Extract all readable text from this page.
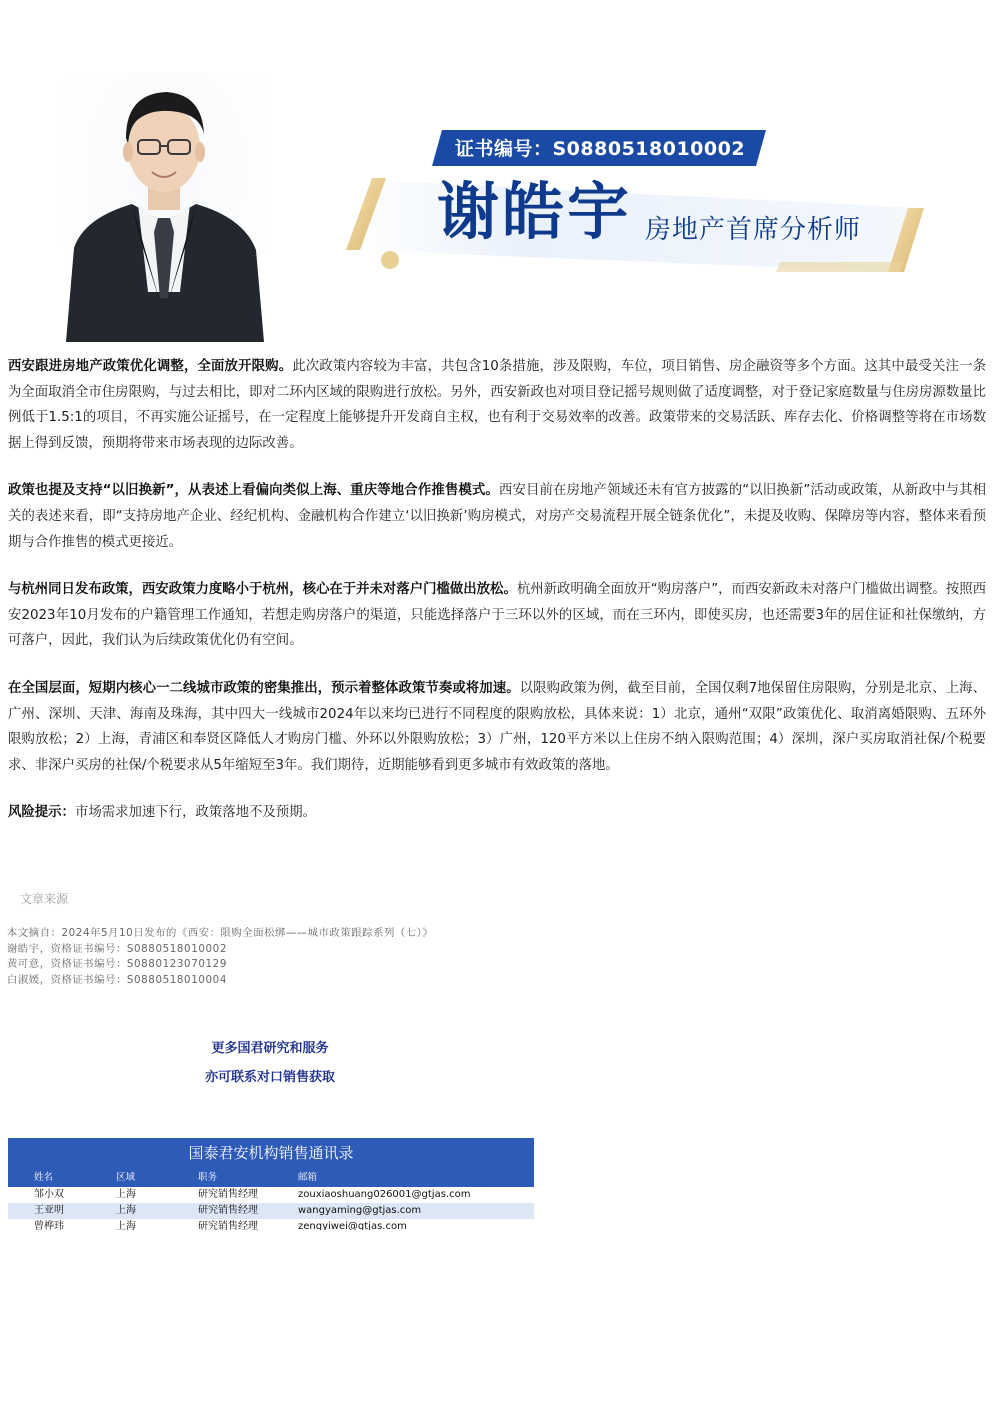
证书编号：S0880518010002
谢皓宇 房地产首席分析师

西安跟进房地产政策优化调整，全面放开限购。此次政策内容较为丰富，共包含10条措施，涉及限购，车位，项目销售、房企融资等多个方面。这其中最受关注一条为全面取消全市住房限购，与过去相比，即对二环内区域的限购进行放松。另外，西安新政也对项目登记摇号规则做了适度调整，对于登记家庭数量与住房房源数量比例低于1.5:1的项目，不再实施公证摇号，在一定程度上能够提升开发商自主权，也有利于交易效率的改善。政策带来的交易活跃、库存去化、价格调整等将在市场数据上得到反馈，预期将带来市场表现的边际改善。

政策也提及支持“以旧换新”，从表述上看偏向类似上海、重庆等地合作推售模式。西安目前在房地产领域还未有官方披露的“以旧换新”活动或政策，从新政中与其相关的表述来看，即“支持房地产企业、经纪机构、金融机构合作建立‘以旧换新’购房模式，对房产交易流程开展全链条优化”，未提及收购、保障房等内容，整体来看预期与合作推售的模式更接近。

与杭州同日发布政策，西安政策力度略小于杭州，核心在于并未对落户门槛做出放松。杭州新政明确全面放开“购房落户”，而西安新政未对落户门槛做出调整。按照西安2023年10月发布的户籍管理工作通知，若想走购房落户的渠道，只能选择落户于三环以外的区域，而在三环内，即使买房，也还需要3年的居住证和社保缴纳，方可落户，因此，我们认为后续政策优化仍有空间。

在全国层面，短期内核心一二线城市政策的密集推出，预示着整体政策节奏或将加速。以限购政策为例，截至目前，全国仅剩7地保留住房限购，分别是北京、上海、广州、深圳、天津、海南及珠海，其中四大一线城市2024年以来均已进行不同程度的限购放松，具体来说：1）北京，通州“双限”政策优化、取消离婚限购、五环外限购放松；2）上海，青浦区和奉贤区降低人才购房门槛、外环以外限购放松；3）广州，120平方米以上住房不纳入限购范围；4）深圳，深户买房取消社保/个税要求、非深户买房的社保/个税要求从5年缩短至3年。我们期待，近期能够看到更多城市有效政策的落地。

风险提示：市场需求加速下行，政策落地不及预期。

文章来源
本文摘自：2024年5月10日发布的《西安：限购全面松绑——城市政策跟踪系列（七）》
谢皓宇，资格证书编号：S0880518010002
黄可意，资格证书编号：S0880123070129
白淑媛，资格证书编号：S0880518010004
更多国君研究和服务
亦可联系对口销售获取
国泰君安机构销售通讯录
姓名	区域	职务	邮箱
邹小双	上海	研究销售经理	zouxiaoshuang026001@gtjas.com
王亚明	上海	研究销售经理	wangyaming@gtjas.com
曾桦玮	上海	研究销售经理	zengyiwei@gtjas.com
